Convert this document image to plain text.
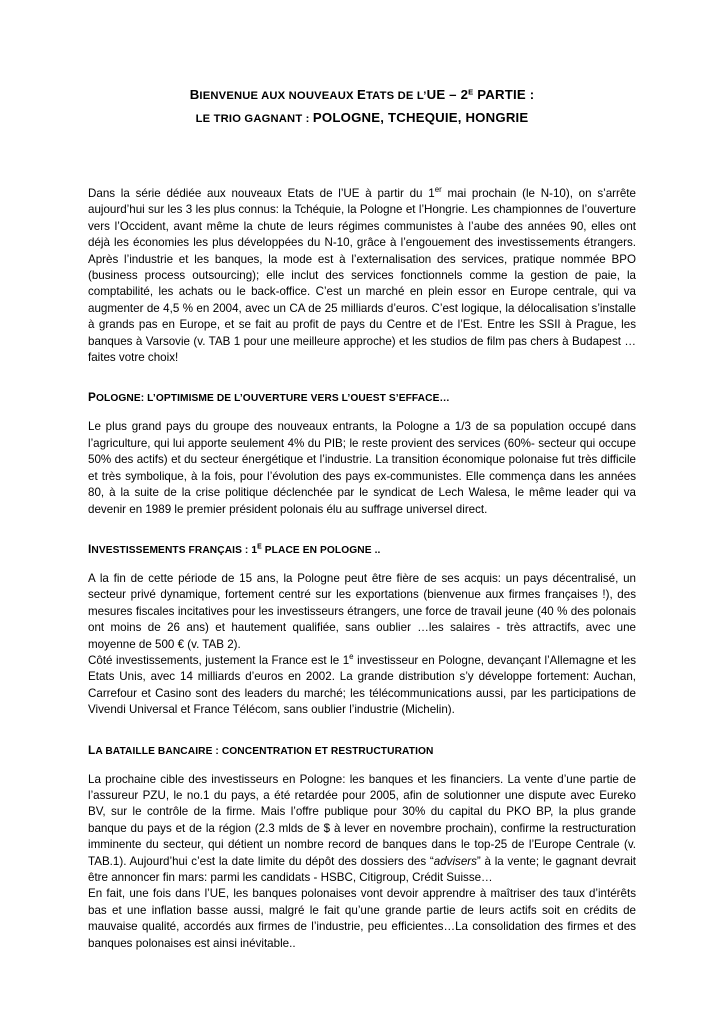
BIENVENUE AUX NOUVEAUX ETATS DE L’UE – $2^E$ PARTIE :
LE TRIO GAGNANT : POLOGNE, TCHEQUIE, HONGRIE

Dans la série dédiée aux nouveaux Etats de l’UE à partir du 1er mai prochain (le N-10), on s’arrête aujourd’hui sur les 3 les plus connus: la Tchéquie, la Pologne et l’Hongrie. Les championnes de l’ouverture vers l’Occident, avant même la chute de leurs régimes communistes à l’aube des années 90, elles ont déjà les économies les plus développées du N-10, grâce à l’engouement des investissements étrangers. Après l’industrie et les banques, la mode est à l’externalisation des services, pratique nommée BPO (business process outsourcing); elle inclut des services fonctionnels comme la gestion de paie, la comptabilité, les achats ou le back-office. C’est un marché en plein essor en Europe centrale, qui va augmenter de 4,5 % en 2004, avec un CA de 25 milliards d’euros. C’est logique, la délocalisation s’installe à grands pas en Europe, et se fait au profit de pays du Centre et de l’Est. Entre les SSII à Prague, les banques à Varsovie (v. TAB 1 pour une meilleure approche) et les studios de film pas chers à Budapest … faites votre choix!

POLOGNE: L’OPTIMISME DE L’OUVERTURE VERS L’OUEST S’EFFACE…

Le plus grand pays du groupe des nouveaux entrants, la Pologne a 1/3 de sa population occupé dans l’agriculture, qui lui apporte seulement 4% du PIB; le reste provient des services (60%- secteur qui occupe 50% des actifs) et du secteur énergétique et l’industrie. La transition économique polonaise fut très difficile et très symbolique, à la fois, pour l’évolution des pays ex-communistes. Elle commença dans les années 80, à la suite de la crise politique déclenchée par le syndicat de Lech Walesa, le même leader qui va devenir en 1989 le premier président polonais élu au suffrage universel direct.

INVESTISSEMENTS FRANÇAIS : $1^E$ PLACE EN POLOGNE ..

A la fin de cette période de 15 ans, la Pologne peut être fière de ses acquis: un pays décentralisé, un secteur privé dynamique, fortement centré sur les exportations (bienvenue aux firmes françaises !), des mesures fiscales incitatives pour les investisseurs étrangers, une force de travail jeune (40 % des polonais ont moins de 26 ans) et hautement qualifiée, sans oublier …les salaires - très attractifs, avec une moyenne de 500 € (v. TAB 2).

Côté investissements, justement la France est le 1e investisseur en Pologne, devançant l’Allemagne et les Etats Unis, avec 14 milliards d’euros en 2002. La grande distribution s’y développe fortement: Auchan, Carrefour et Casino sont des leaders du marché; les télécommunications aussi, par les participations de Vivendi Universal et France Télécom, sans oublier l’industrie (Michelin).

LA BATAILLE BANCAIRE : CONCENTRATION ET RESTRUCTURATION

La prochaine cible des investisseurs en Pologne: les banques et les financiers. La vente d’une partie de l’assureur PZU, le no.1 du pays, a été retardée pour 2005, afin de solutionner une dispute avec Eureko BV, sur le contrôle de la firme. Mais l’offre publique pour 30% du capital du PKO BP, la plus grande banque du pays et de la région (2.3 mlds de $ à lever en novembre prochain), confirme la restructuration imminente du secteur, qui détient un nombre record de banques dans le top-25 de l’Europe Centrale (v. TAB.1). Aujourd’hui c’est la date limite du dépôt des dossiers des “advisers” à la vente; le gagnant devrait être annoncer fin mars: parmi les candidats - HSBC, Citigroup, Crédit Suisse…

En fait, une fois dans l’UE, les banques polonaises vont devoir apprendre à maîtriser des taux d’intérêts bas et une inflation basse aussi, malgré le fait qu’une grande partie de leurs actifs soit en crédits de mauvaise qualité, accordés aux firmes de l’industrie, peu efficientes…La consolidation des firmes et des banques polonaises est ainsi inévitable..
